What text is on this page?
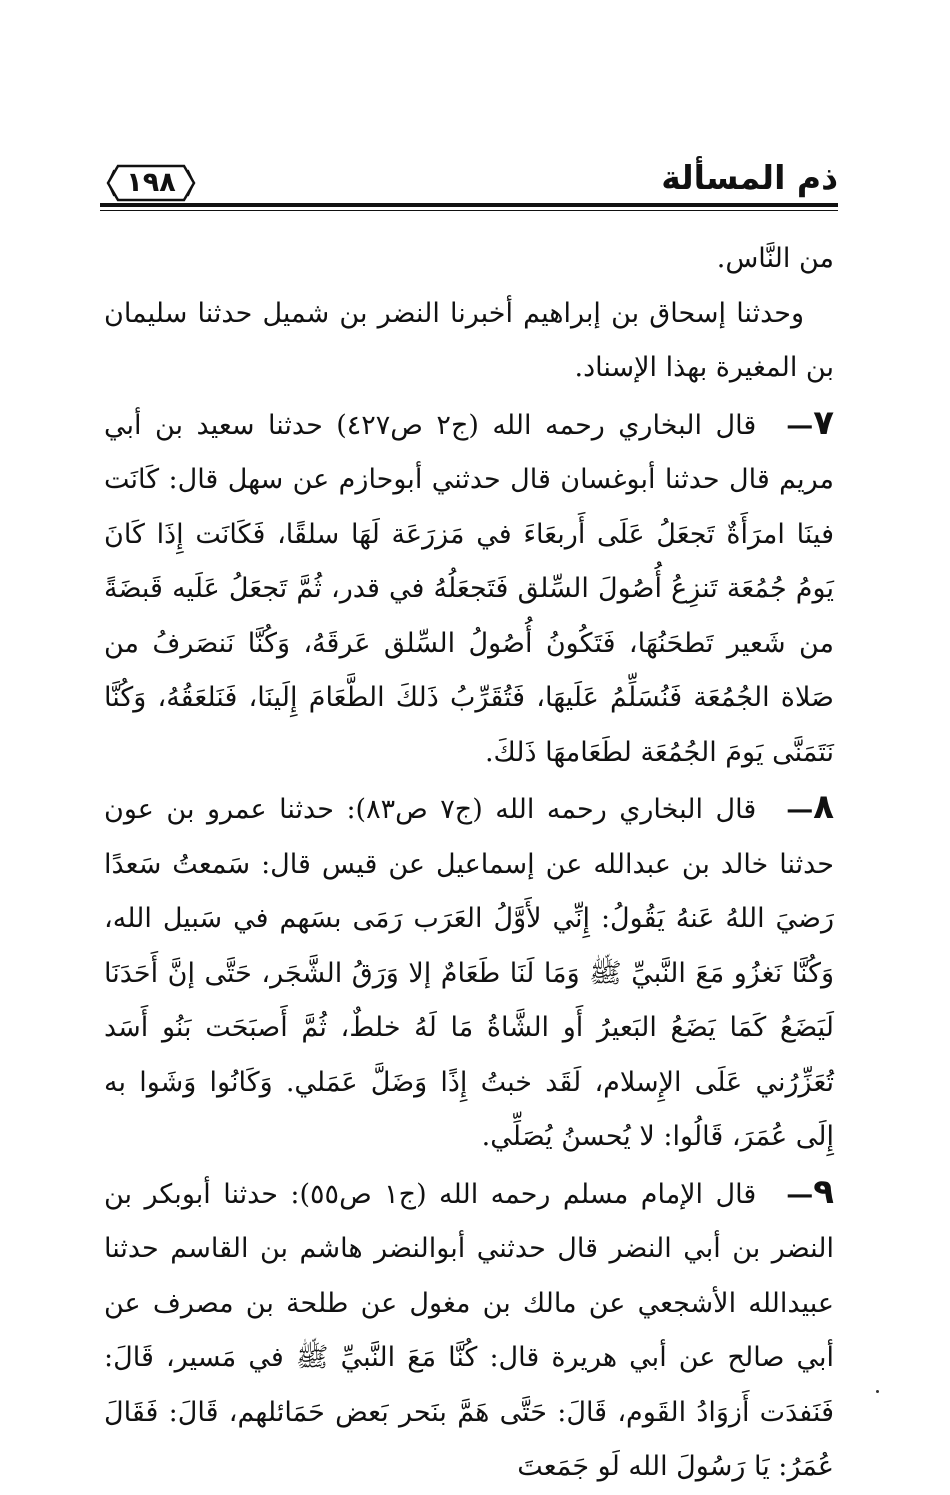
ذم المسألة
١٩٨

من النَّاس.

وحدثنا إسحاق بن إبراهيم أخبرنا النضر بن شميل حدثنا سليمان بن المغيرة بهذا الإسناد.

٧—قال البخاري رحمه الله (ج٢ ص٤٢٧) حدثنا سعيد بن أبي مريم قال حدثنا أبوغسان قال حدثني أبوحازم عن سهل قال: كَانَت فينَا امرَأَةٌ تَجعَلُ عَلَى أَربعَاءَ في مَزرَعَة لَهَا سلقًا، فَكَانَت إِذَا كَانَ يَومُ جُمُعَة تَنزِعُ أُصُولَ السِّلق فَتَجعَلُهُ في قدر، ثُمَّ تَجعَلُ عَلَيه قَبضَةً من شَعير تَطحَنُهَا، فَتَكُونُ أُصُولُ السِّلق عَرقَهُ، وَكُنَّا نَنصَرفُ من صَلاة الجُمُعَة فَنُسَلِّمُ عَلَيهَا، فَتُقَرِّبُ ذَلكَ الطَّعَامَ إِلَينَا، فَنَلعَقُهُ، وَكُنَّا نَتَمَنَّى يَومَ الجُمُعَة لطَعَامهَا ذَلكَ.

٨—قال البخاري رحمه الله (ج٧ ص٨٣): حدثنا عمرو بن عون حدثنا خالد بن عبدالله عن إسماعيل عن قيس قال: سَمعتُ سَعدًا رَضيَ اللهُ عَنهُ يَقُولُ: إِنِّي لأَوَّلُ العَرَب رَمَى بسَهم في سَبيل الله، وَكُنَّا نَغزُو مَعَ النَّبيِّ ﷺ وَمَا لَنَا طَعَامٌ إلا وَرَقُ الشَّجَر، حَتَّى إنَّ أَحَدَنَا لَيَضَعُ كَمَا يَضَعُ البَعيرُ أَو الشَّاةُ مَا لَهُ خلطٌ، ثُمَّ أَصبَحَت بَنُو أَسَد تُعَزِّرُني عَلَى الإِسلام، لَقَد خبتُ إِذًا وَضَلَّ عَمَلي. وَكَانُوا وَشَوا به إِلَى عُمَرَ، قَالُوا: لا يُحسنُ يُصَلِّي.

٩—قال الإمام مسلم رحمه الله (ج١ ص٥٥): حدثنا أبوبكر بن النضر بن أبي النضر قال حدثني أبوالنضر هاشم بن القاسم حدثنا عبيدالله الأشجعي عن مالك بن مغول عن طلحة بن مصرف عن أبي صالح عن أبي هريرة قال: كُنَّا مَعَ النَّبيِّ ﷺ في مَسير، قَالَ: فَنَفدَت أَزوَادُ القَوم، قَالَ: حَتَّى هَمَّ بنَحر بَعض حَمَائلهم، قَالَ: فَقَالَ عُمَرُ: يَا رَسُولَ الله لَو جَمَعتَ
